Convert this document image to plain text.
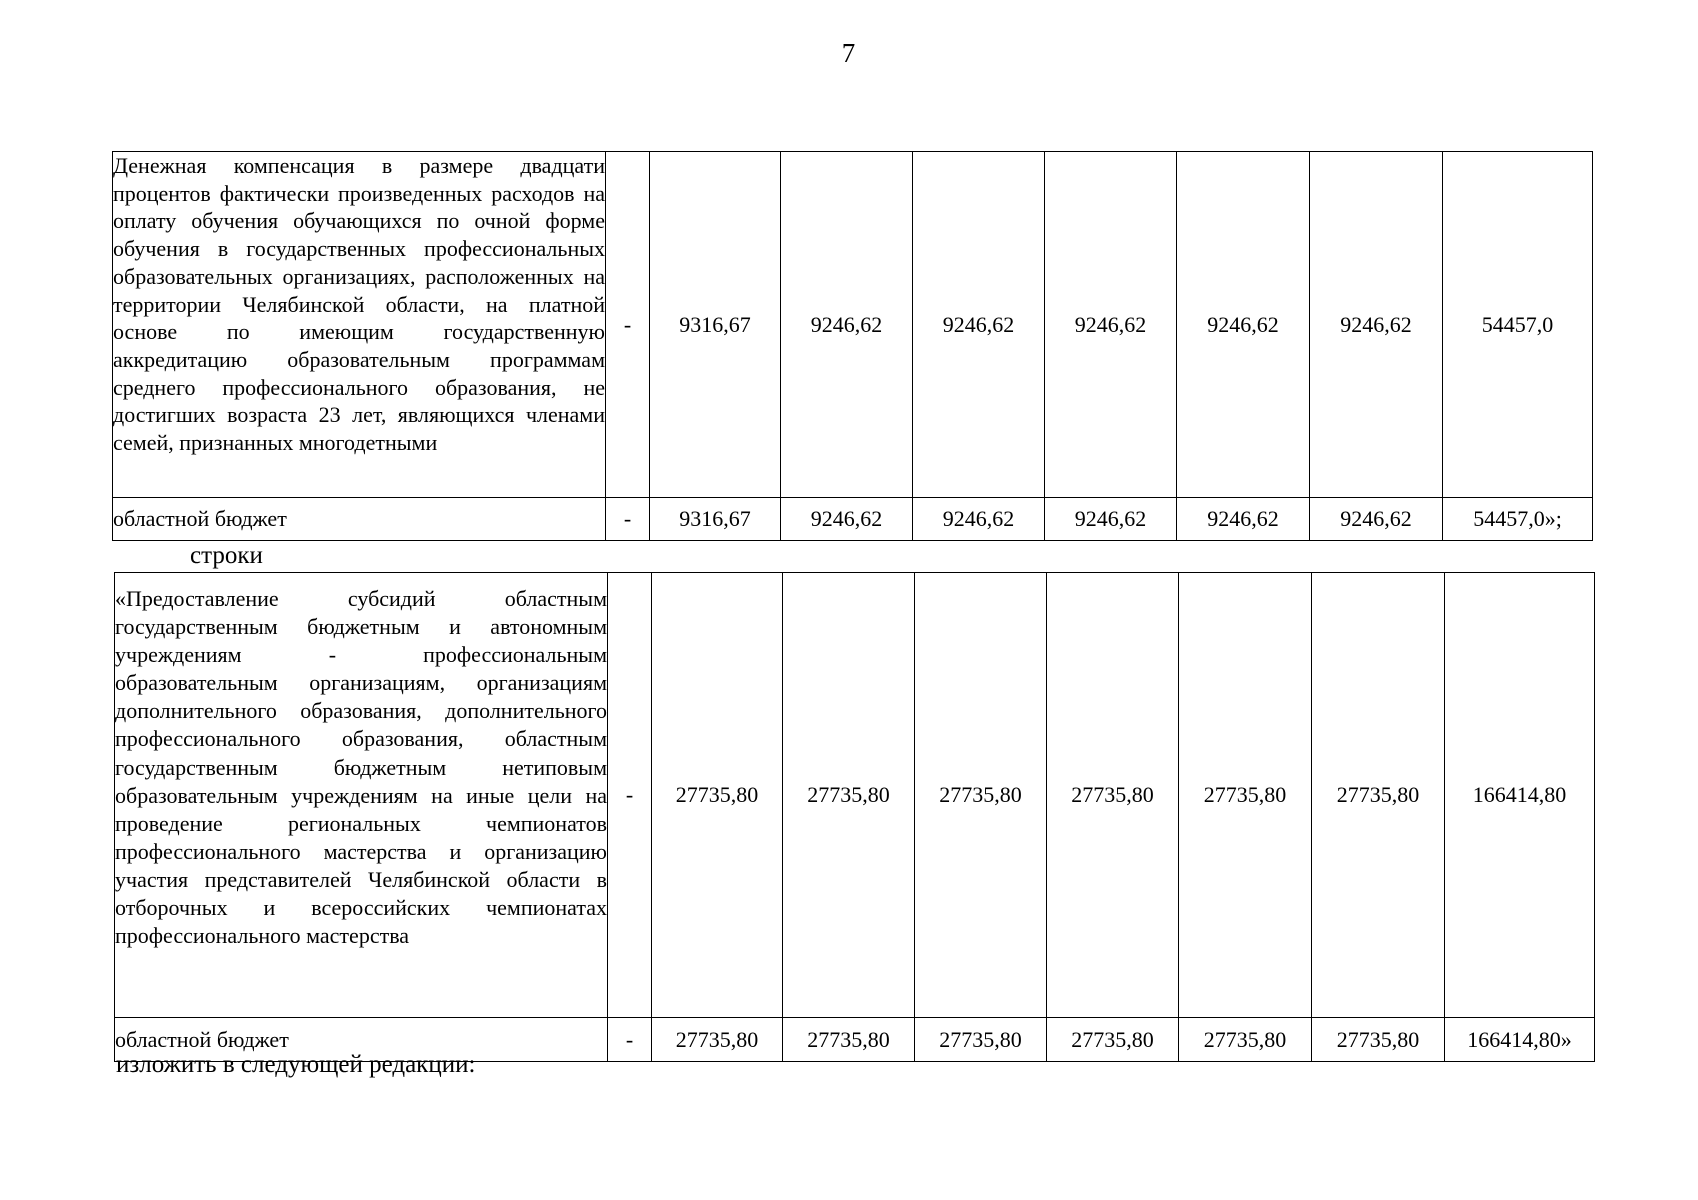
7
Денежная компенсация в размере двадцати процентов фактически произведенных расходов на оплату обучения обучающихся по очной форме обучения в государственных профессиональных образовательных организациях, расположенных на территории Челябинской области, на платной основе по имеющим государственную аккредитацию образовательным программам среднего профессионального образования, не достигших возраста 23 лет, являющихся членами семей, признанных многодетными	-	9316,67	9246,62	9246,62	9246,62	9246,62	9246,62	54457,0
областной бюджет	-	9316,67	9246,62	9246,62	9246,62	9246,62	9246,62	54457,0»;
строки
«Предоставление субсидий областным государственным бюджетным и автономным учреждениям - профессиональным образовательным организациям, организациям дополнительного образования, дополнительного профессионального образования, областным государственным бюджетным нетиповым образовательным учреждениям на иные цели на проведение региональных чемпионатов профессионального мастерства и организацию участия представителей Челябинской области в отборочных и всероссийских чемпионатах профессионального мастерства	-	27735,80	27735,80	27735,80	27735,80	27735,80	27735,80	166414,80
областной бюджет	-	27735,80	27735,80	27735,80	27735,80	27735,80	27735,80	166414,80»
изложить в следующей редакции:
